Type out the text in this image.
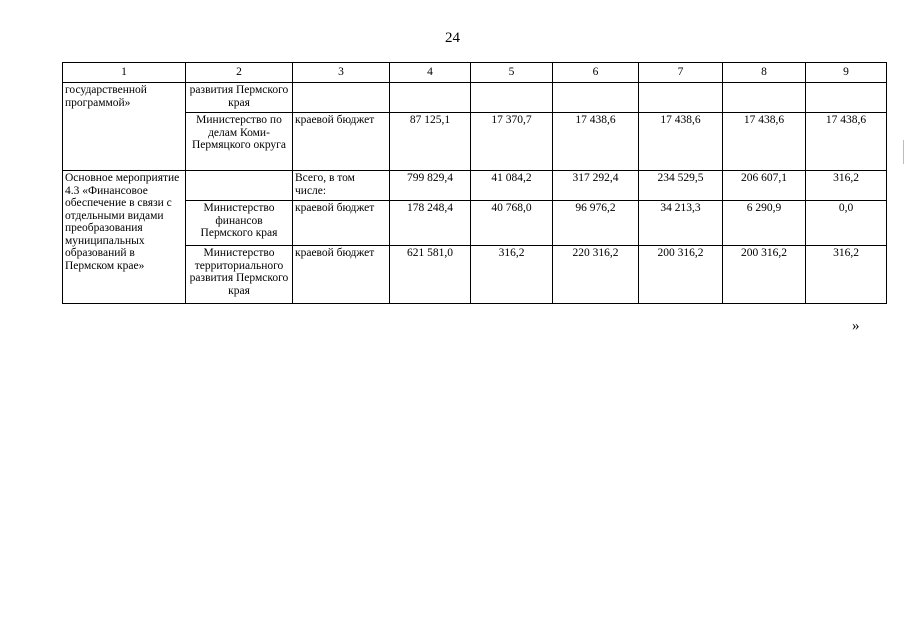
24
1	2	3	4	5	6	7	8	9
государственной программой»	развития Пермского края							
	Министерство по делам Коми-Пермяцкого округа	краевой бюджет	87 125,1	17 370,7	17 438,6	17 438,6	17 438,6	17 438,6
Основное мероприятие 4.3 «Финансовое обеспечение в связи с отдельными видами преобразования муниципальных образований в Пермском крае»		Всего, в том числе:	799 829,4	41 084,2	317 292,4	234 529,5	206 607,1	316,2
	Министерство финансов Пермского края	краевой бюджет	178 248,4	40 768,0	96 976,2	34 213,3	6 290,9	0,0
	Министерство территориального развития Пермского края	краевой бюджет	621 581,0	316,2	220 316,2	200 316,2	200 316,2	316,2
»
